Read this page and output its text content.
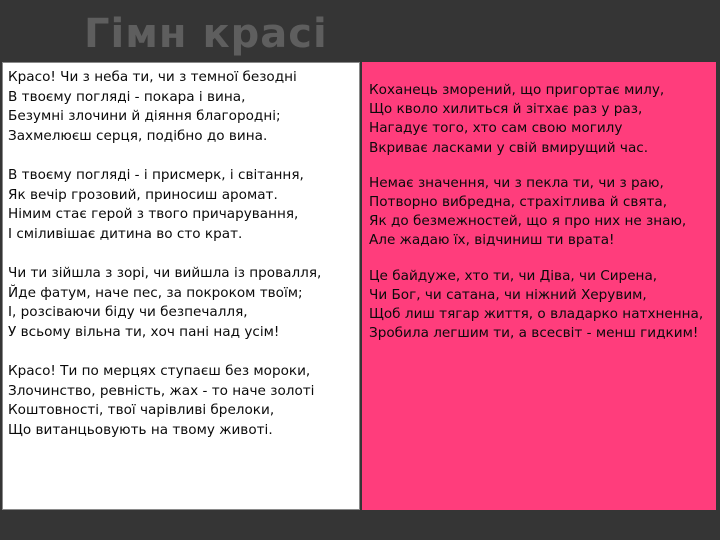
Гімн красі

Красо! Чи з неба ти, чи з темної безодні
В твоєму погляді - покара і вина,
Безумні злочини й діяння благородні;
Захмелюєш серця, подібно до вина.

В твоєму погляді - і присмерк, і світання,
Як вечір грозовий, приносиш аромат.
Німим стає герой з твого причарування,
І сміливішає дитина во сто крат.

Чи ти зійшла з зорі, чи вийшла із провалля,
Йде фатум, наче пес, за покроком твоїм;
І, розсіваючи біду чи безпечалля,
У всьому вільна ти, хоч пані над усім!

Красо! Ти по мерцях ступаєш без мороки,
Злочинство, ревність, жах - то наче золоті
Коштовності, твої чарівливі брелоки,
Що витанцьовують на твому животі.

Коханець зморений, що пригортає милу,
Що кволо хилиться й зітхає раз у раз,
Нагадує того, хто сам свою могилу
Вкриває ласками у свій вмирущий час.

Немає значення, чи з пекла ти, чи з раю,
Потворно вибредна, страхітлива й свята,
Як до безмежностей, що я про них не знаю,
Але жадаю їх, відчиниш ти врата!

Це байдуже, хто ти, чи Діва, чи Сирена,
Чи Бог, чи сатана, чи ніжний Херувим,
Щоб лиш тягар життя, о владарко натхненна,
Зробила легшим ти, а всесвіт - менш гидким!
